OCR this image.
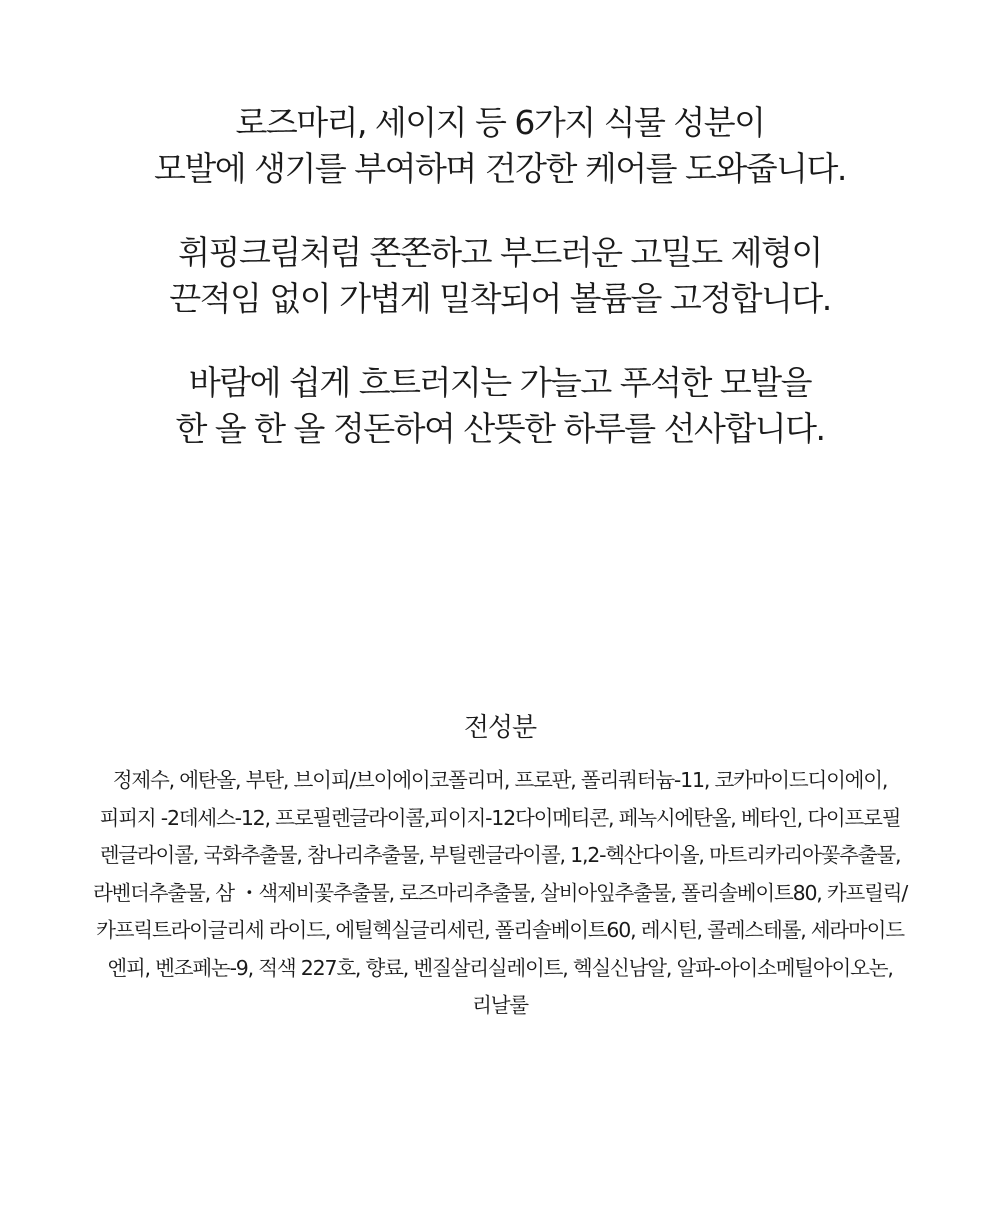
로즈마리, 세이지 등 6가지 식물 성분이
모발에 생기를 부여하며 건강한 케어를 도와줍니다.

휘핑크림처럼 쫀쫀하고 부드러운 고밀도 제형이
끈적임 없이 가볍게 밀착되어 볼륨을 고정합니다.

바람에 쉽게 흐트러지는 가늘고 푸석한 모발을
한 올 한 올 정돈하여 산뜻한 하루를 선사합니다.

전성분
정제수, 에탄올, 부탄, 브이피/브이에이코폴리머, 프로판, 폴리쿼터늄-11, 코카마이드디이에이,
피피지 -2데세스-12, 프로필렌글라이콜,피이지-12다이메티콘, 페녹시에탄올, 베타인, 다이프로필
렌글라이콜, 국화추출물, 참나리추출물, 부틸렌글라이콜, 1,2-헥산다이올, 마트리카리아꽃추출물,
라벤더추출물, 삼 ・색제비꽃추출물, 로즈마리추출물, 살비아잎추출물, 폴리솔베이트80, 카프릴릭/
카프릭트라이글리세 라이드, 에틸헥실글리세린, 폴리솔베이트60, 레시틴, 콜레스테롤, 세라마이드
엔피, 벤조페논-9, 적색 227호, 향료, 벤질살리실레이트, 헥실신남알, 알파-아이소메틸아이오논,
리날룰
